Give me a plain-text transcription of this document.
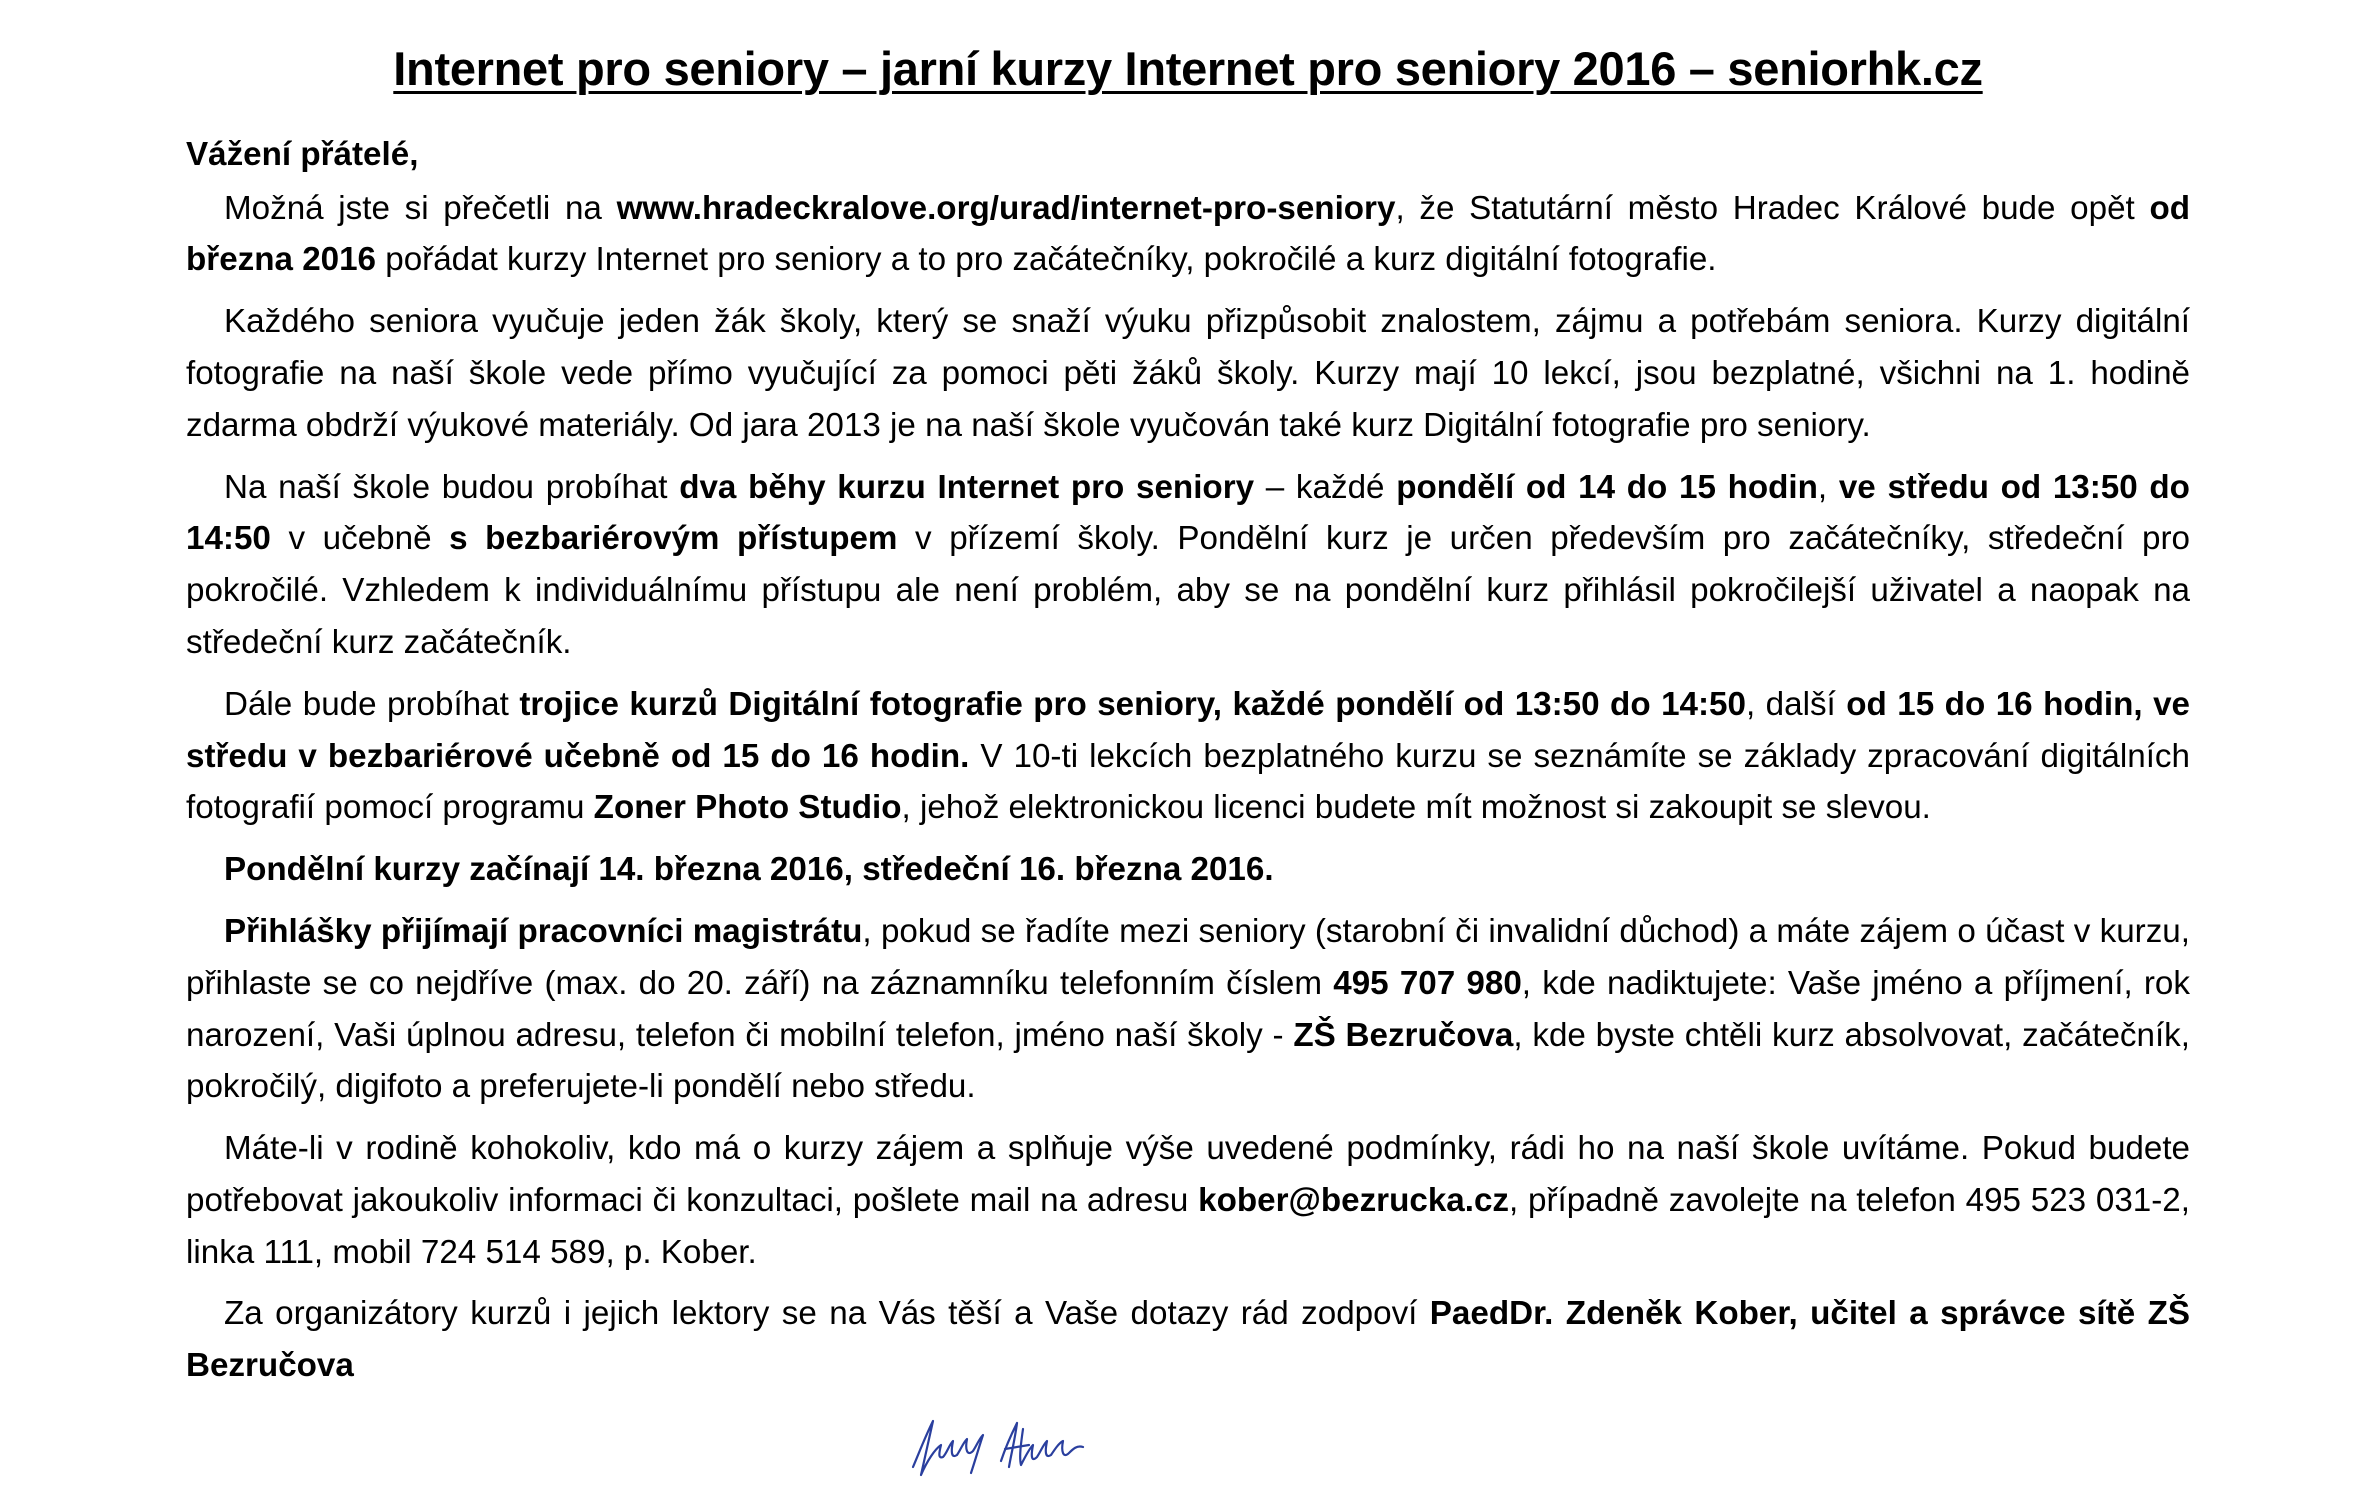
Internet pro seniory – jarní kurzy Internet pro seniory 2016 – seniorhk.cz

Vážení přátelé,

Možná jste si přečetli na www.hradeckralove.org/urad/internet-pro-seniory, že Statutární město Hradec Králové bude opět od března 2016 pořádat kurzy Internet pro seniory a to pro začátečníky, pokročilé a kurz digitální fotografie.

Každého seniora vyučuje jeden žák školy, který se snaží výuku přizpůsobit znalostem, zájmu a potřebám seniora. Kurzy digitální fotografie na naší škole vede přímo vyučující za pomoci pěti žáků školy. Kurzy mají 10 lekcí, jsou bezplatné, všichni na 1. hodině zdarma obdrží výukové materiály. Od jara 2013 je na naší škole vyučován také kurz Digitální fotografie pro seniory.

Na naší škole budou probíhat dva běhy kurzu Internet pro seniory – každé pondělí od 14 do 15 hodin, ve středu od 13:50 do 14:50 v učebně s bezbariérovým přístupem v přízemí školy. Pondělní kurz je určen především pro začátečníky, středeční pro pokročilé. Vzhledem k individuálnímu přístupu ale není problém, aby se na pondělní kurz přihlásil pokročilejší uživatel a naopak na středeční kurz začátečník.

Dále bude probíhat trojice kurzů Digitální fotografie pro seniory, každé pondělí od 13:50 do 14:50, další od 15 do 16 hodin, ve středu v bezbariérové učebně od 15 do 16 hodin. V 10-ti lekcích bezplatného kurzu se seznámíte se základy zpracování digitálních fotografií pomocí programu Zoner Photo Studio, jehož elektronickou licenci budete mít možnost si zakoupit se slevou.

Pondělní kurzy začínají 14. března 2016, středeční 16. března 2016.

Přihlášky přijímají pracovníci magistrátu, pokud se řadíte mezi seniory (starobní či invalidní důchod) a máte zájem o účast v kurzu, přihlaste se co nejdříve (max. do 20. září) na záznamníku telefonním číslem 495 707 980, kde nadiktujete: Vaše jméno a příjmení, rok narození, Vaši úplnou adresu, telefon či mobilní telefon, jméno naší školy - ZŠ Bezručova, kde byste chtěli kurz absolvovat, začátečník, pokročilý, digifoto a preferujete-li pondělí nebo středu.

Máte-li v rodině kohokoliv, kdo má o kurzy zájem a splňuje výše uvedené podmínky, rádi ho na naší škole uvítáme. Pokud budete potřebovat jakoukoliv informaci či konzultaci, pošlete mail na adresu kober@bezrucka.cz, případně zavolejte na telefon 495 523 031-2, linka 111, mobil 724 514 589, p. Kober.

Za organizátory kurzů i jejich lektory se na Vás těší a Vaše dotazy rád zodpoví PaedDr. Zdeněk Kober, učitel a správce sítě ZŠ Bezručova
